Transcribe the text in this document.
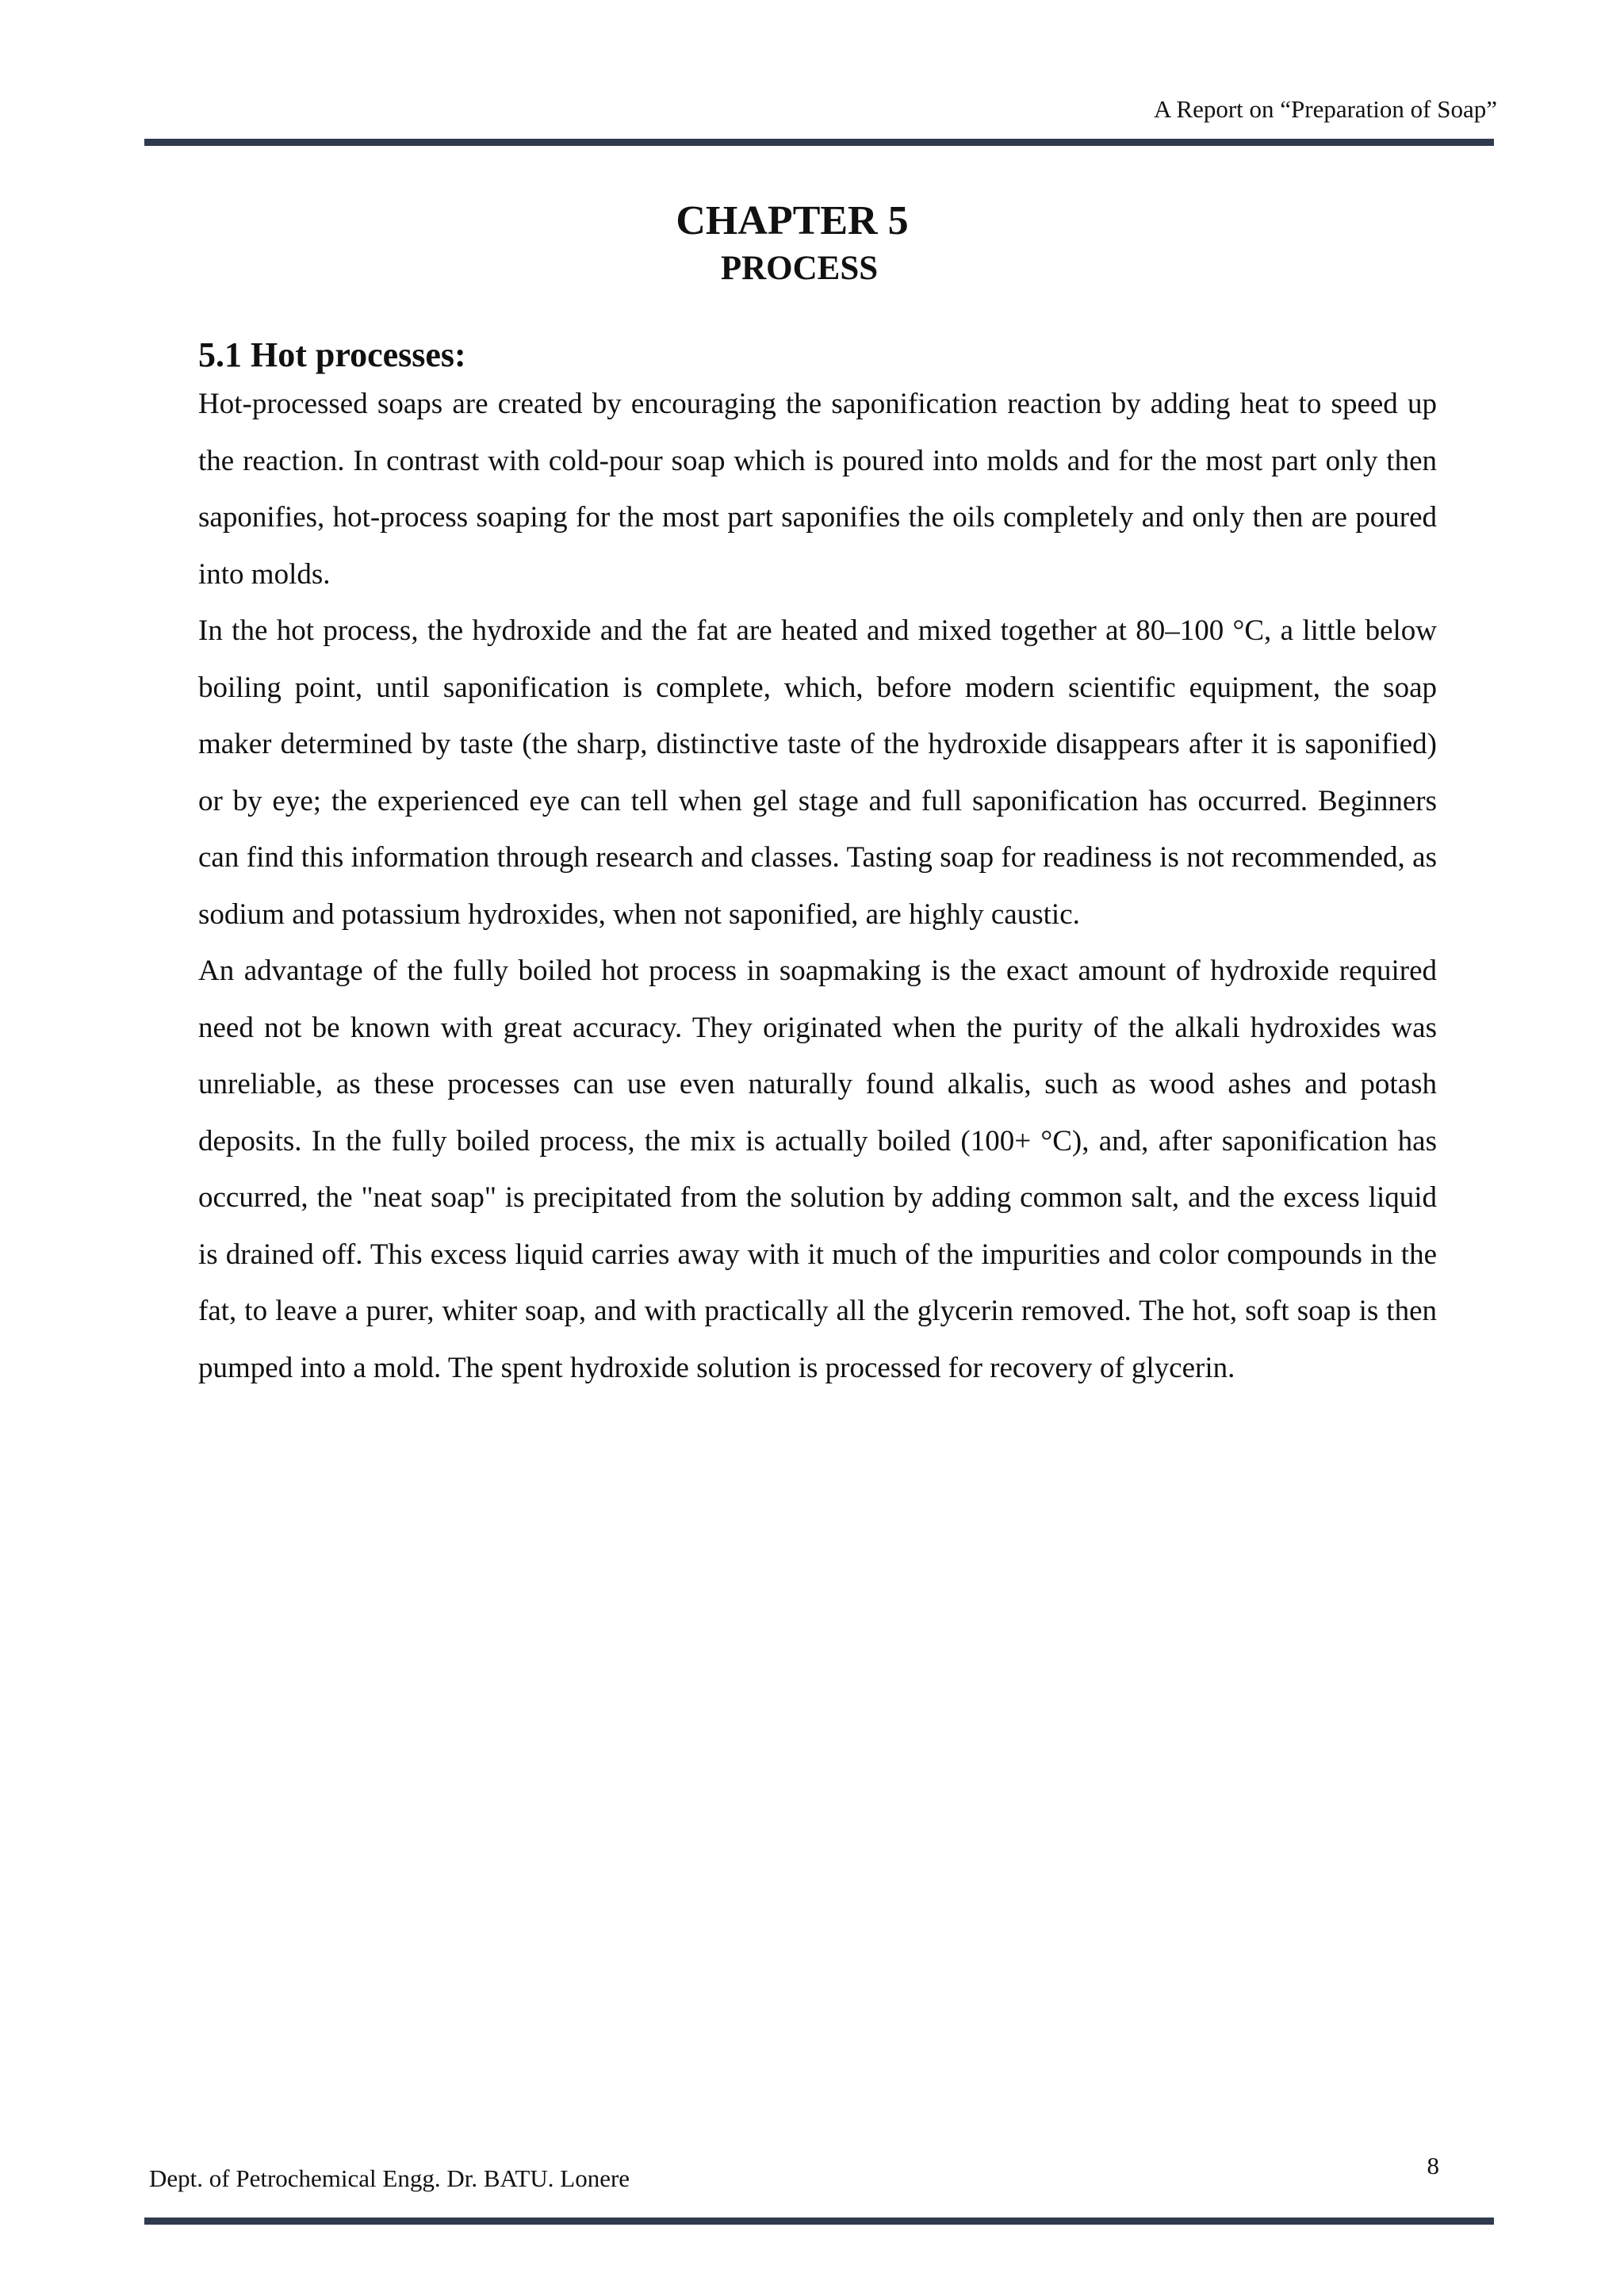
A Report on “Preparation of Soap”
CHAPTER 5
PROCESS
5.1 Hot processes:

Hot-processed soaps are created by encouraging the saponification reaction by adding heat to speed up the reaction. In contrast with cold-pour soap which is poured into molds and for the most part only then saponifies, hot-process soaping for the most part saponifies the oils completely and only then are poured into molds.

In the hot process, the hydroxide and the fat are heated and mixed together at 80–100 °C, a little below boiling point, until saponification is complete, which, before modern scientific equipment, the soap maker determined by taste (the sharp, distinctive taste of the hydroxide disappears after it is saponified) or by eye; the experienced eye can tell when gel stage and full saponification has occurred. Beginners can find this information through research and classes. Tasting soap for readiness is not recommended, as sodium and potassium hydroxides, when not saponified, are highly caustic.

An advantage of the fully boiled hot process in soapmaking is the exact amount of hydroxide required need not be known with great accuracy. They originated when the purity of the alkali hydroxides was unreliable, as these processes can use even naturally found alkalis, such as wood ashes and potash deposits. In the fully boiled process, the mix is actually boiled (100+ °C), and, after saponification has occurred, the "neat soap" is precipitated from the solution by adding common salt, and the excess liquid is drained off. This excess liquid carries away with it much of the impurities and color compounds in the fat, to leave a purer, whiter soap, and with practically all the glycerin removed. The hot, soft soap is then pumped into a mold. The spent hydroxide solution is processed for recovery of glycerin.

Dept. of Petrochemical Engg. Dr. BATU. Lonere	8
